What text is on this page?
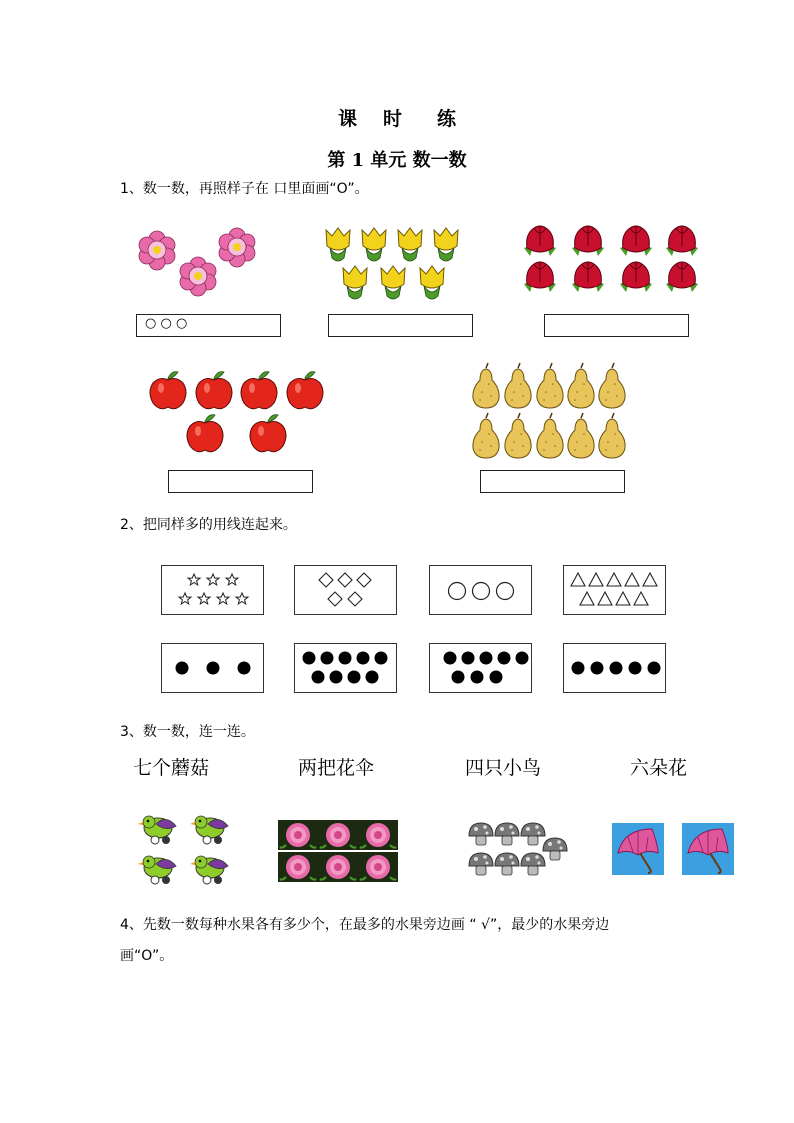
课 时 练
第 1 单元 数一数
1、数一数，再照样子在 口里面画“O”。
○ ○ ○
2、把同样多的用线连起来。
3、数一数，连一连。
七个蘑菇	两把花伞	四只小鸟	六朵花
4、先数一数每种水果各有多少个，在最多的水果旁边画 “ √”，最少的水果旁边
画“O”。
